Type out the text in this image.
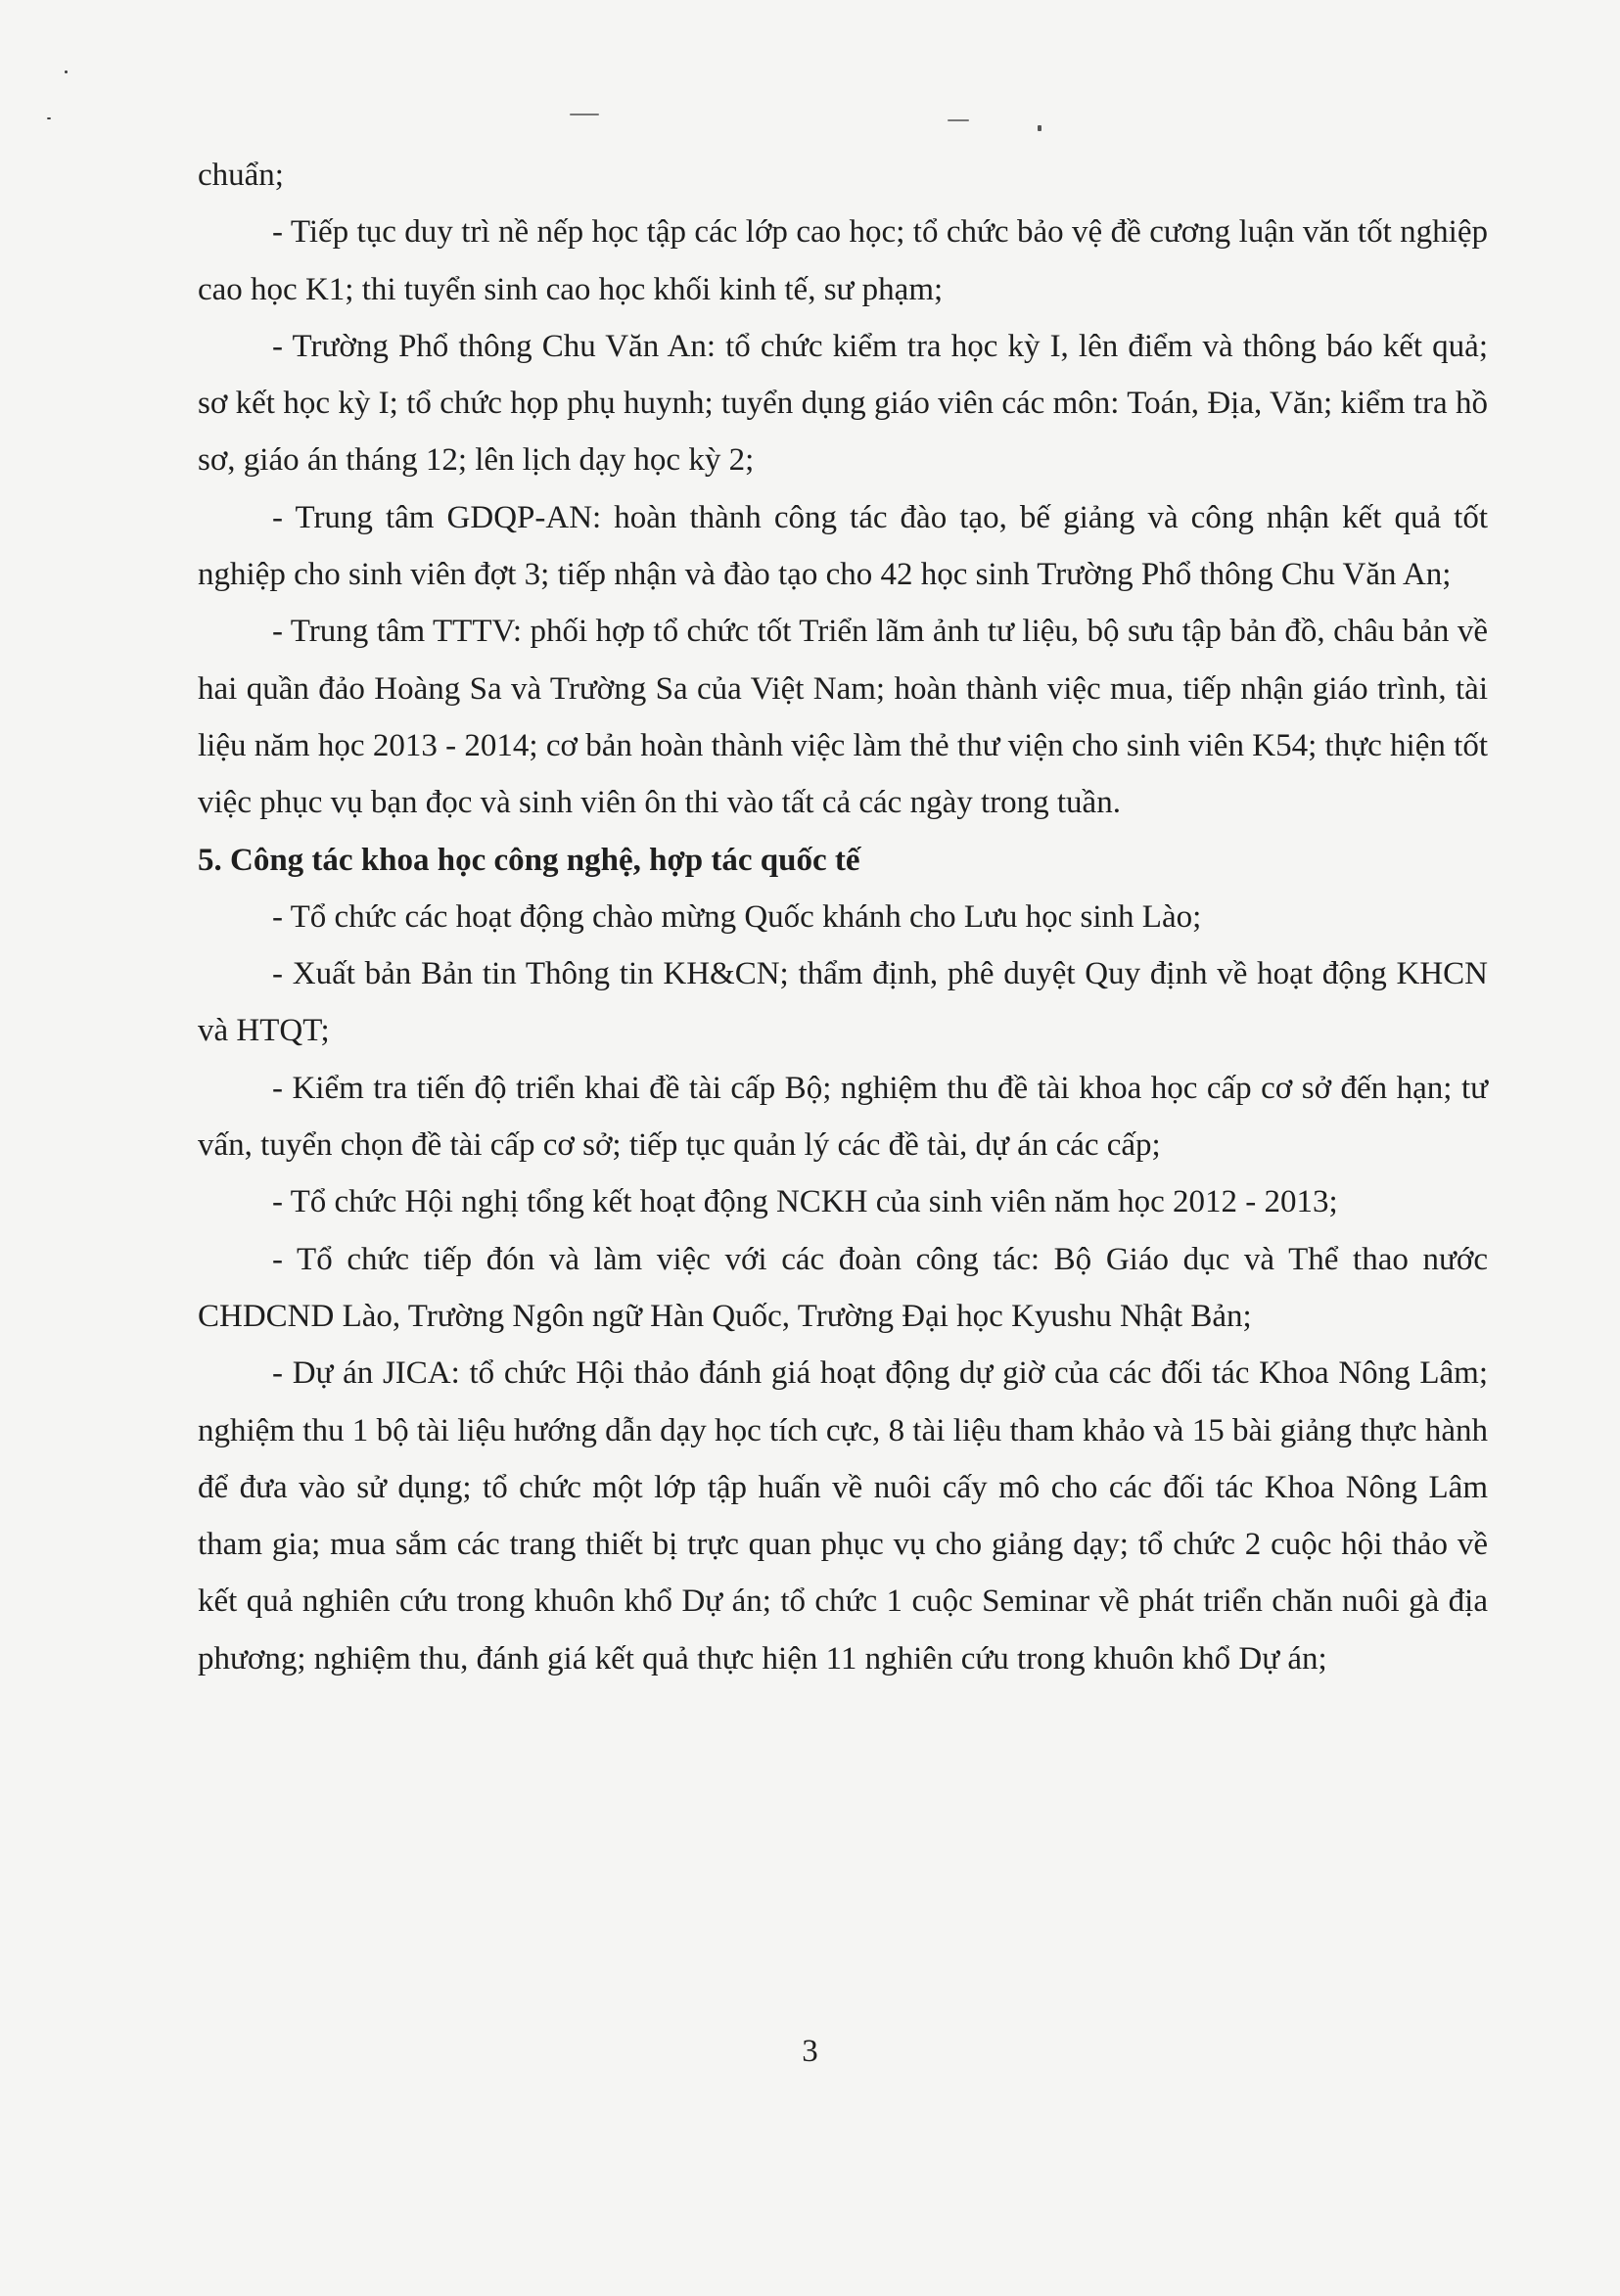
chuẩn;

- Tiếp tục duy trì nề nếp học tập các lớp cao học; tổ chức bảo vệ đề cương luận văn tốt nghiệp cao học K1; thi tuyển sinh cao học khối kinh tế, sư phạm;

- Trường Phổ thông Chu Văn An: tổ chức kiểm tra học kỳ I, lên điểm và thông báo kết quả; sơ kết học kỳ I; tổ chức họp phụ huynh; tuyển dụng giáo viên các môn: Toán, Địa, Văn; kiểm tra hồ sơ, giáo án tháng 12; lên lịch dạy học kỳ 2;

- Trung tâm GDQP-AN: hoàn thành công tác đào tạo, bế giảng và công nhận kết quả tốt nghiệp cho sinh viên đợt 3; tiếp nhận và đào tạo cho 42 học sinh Trường Phổ thông Chu Văn An;

- Trung tâm TTTV: phối hợp tổ chức tốt Triển lãm ảnh tư liệu, bộ sưu tập bản đồ, châu bản về hai quần đảo Hoàng Sa và Trường Sa của Việt Nam; hoàn thành việc mua, tiếp nhận giáo trình, tài liệu năm học 2013 - 2014; cơ bản hoàn thành việc làm thẻ thư viện cho sinh viên K54; thực hiện tốt việc phục vụ bạn đọc và sinh viên ôn thi vào tất cả các ngày trong tuần.

5. Công tác khoa học công nghệ, hợp tác quốc tế

- Tổ chức các hoạt động chào mừng Quốc khánh cho Lưu học sinh Lào;

- Xuất bản Bản tin Thông tin KH&CN; thẩm định, phê duyệt Quy định về hoạt động KHCN và HTQT;

- Kiểm tra tiến độ triển khai đề tài cấp Bộ; nghiệm thu đề tài khoa học cấp cơ sở đến hạn; tư vấn, tuyển chọn đề tài cấp cơ sở; tiếp tục quản lý các đề tài, dự án các cấp;

- Tổ chức Hội nghị tổng kết hoạt động NCKH của sinh viên năm học 2012 - 2013;

- Tổ chức tiếp đón và làm việc với các đoàn công tác: Bộ Giáo dục và Thể thao nước CHDCND Lào, Trường Ngôn ngữ Hàn Quốc, Trường Đại học Kyushu Nhật Bản;

- Dự án JICA: tổ chức Hội thảo đánh giá hoạt động dự giờ của các đối tác Khoa Nông Lâm; nghiệm thu 1 bộ tài liệu hướng dẫn dạy học tích cực, 8 tài liệu tham khảo và 15 bài giảng thực hành để đưa vào sử dụng; tổ chức một lớp tập huấn về nuôi cấy mô cho các đối tác Khoa Nông Lâm tham gia; mua sắm các trang thiết bị trực quan phục vụ cho giảng dạy; tổ chức 2 cuộc hội thảo về kết quả nghiên cứu trong khuôn khổ Dự án; tổ chức 1 cuộc Seminar về phát triển chăn nuôi gà địa phương; nghiệm thu, đánh giá kết quả thực hiện 11 nghiên cứu trong khuôn khổ Dự án;

3
